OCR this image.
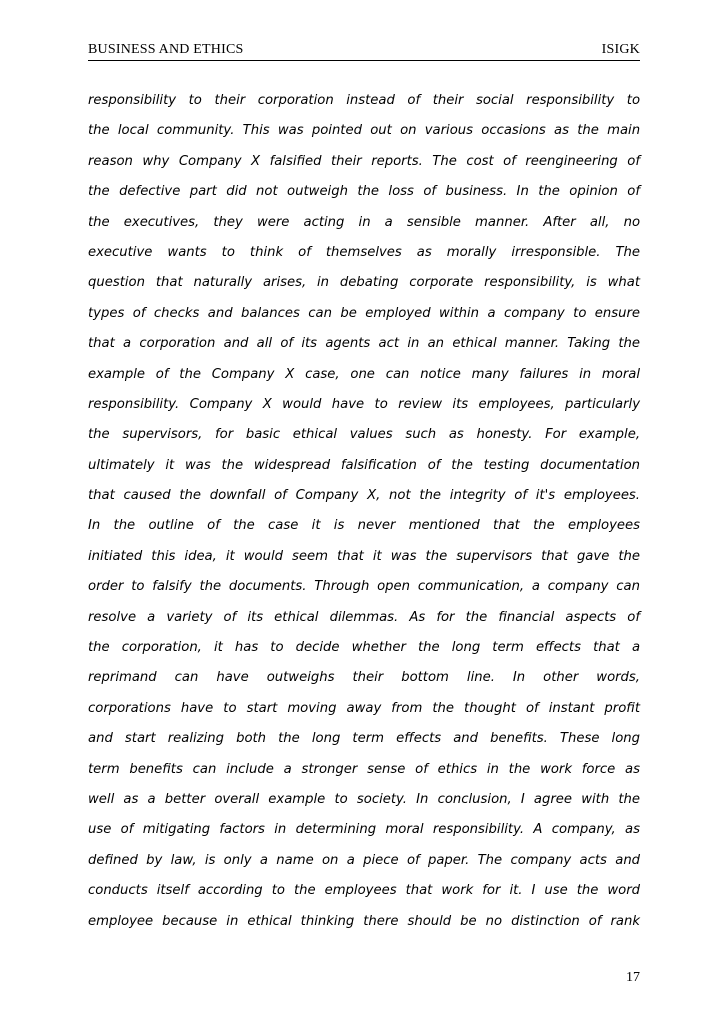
BUSINESS AND ETHICS	ISIGK
responsibility to their corporation instead of their social responsibility to
the local community. This was pointed out on various occasions as the main
reason why Company X falsified their reports. The cost of reengineering of
the defective part did not outweigh the loss of business. In the opinion of
the executives, they were acting in a sensible manner. After all, no
executive wants to think of themselves as morally irresponsible. The
question that naturally arises, in debating corporate responsibility, is what
types of checks and balances can be employed within a company to ensure
that a corporation and all of its agents act in an ethical manner. Taking the
example of the Company X case, one can notice many failures in moral
responsibility. Company X would have to review its employees, particularly
the supervisors, for basic ethical values such as honesty. For example,
ultimately it was the widespread falsification of the testing documentation
that caused the downfall of Company X, not the integrity of it's employees.
In the outline of the case it is never mentioned that the employees
initiated this idea, it would seem that it was the supervisors that gave the
order to falsify the documents. Through open communication, a company can
resolve a variety of its ethical dilemmas. As for the financial aspects of
the corporation, it has to decide whether the long term effects that a
reprimand can have outweighs their bottom line. In other words,
corporations have to start moving away from the thought of instant profit
and start realizing both the long term effects and benefits. These long
term benefits can include a stronger sense of ethics in the work force as
well as a better overall example to society. In conclusion, I agree with the
use of mitigating factors in determining moral responsibility. A company, as
defined by law, is only a name on a piece of paper. The company acts and
conducts itself according to the employees that work for it. I use the word
employee because in ethical thinking there should be no distinction of rank
17
